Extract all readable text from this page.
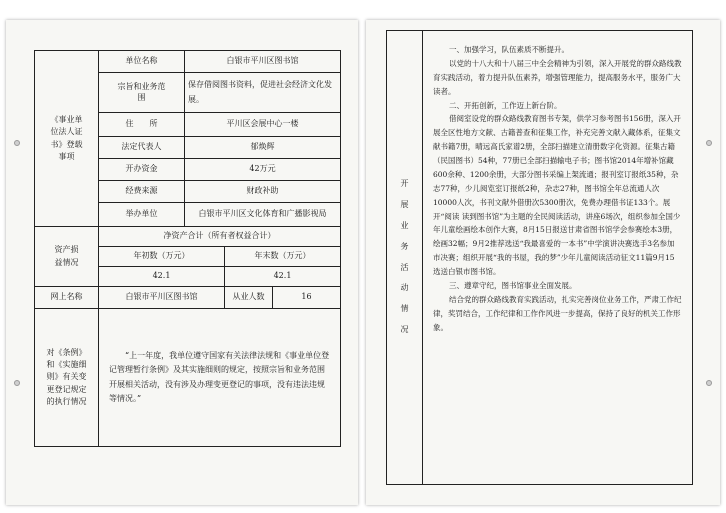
《事业单位法人证书》登载事项	单位名称	白银市平川区图书馆		
	宗旨和业务范围	保存借阅图书资料，促进社会经济文化发展。		
	住　　所	平川区会展中心一楼		
	法定代表人	郁焕辉		
	开办资金	42万元		
	经费来源	财政补助		
	举办单位	白银市平川区文化体育和广播影视局		
资产损益情况	净资产合计（所有者权益合计）			
	年初数（万元）		年末数（万元）	
	42.1		42.1	
网上名称	白银市平川区图书馆		从业人数	16
对《条例》和《实施细则》有关变更登记规定的执行情况	“上一年度，我单位遵守国家有关法律法规和《事业单位登记管理暂行条例》及其实施细则的规定，按照宗旨和业务范围开展相关活动，没有涉及办理变更登记的事项，没有违法违规等情况。”			
开展业务活动情况

一、加强学习，队伍素质不断提升。

以党的十八大和十八届三中全会精神为引领，深入开展党的群众路线教育实践活动，着力提升队伍素养，增强管理能力，提高服务水平，服务广大读者。

二、开拓创新，工作迈上新台阶。

借阅室设党的群众路线教育图书专架，供学习参考图书156册，深入开展全区性地方文献、古籍普查和征集工作，补充完善文献入藏体系，征集文献书籍7册，晴远高氏家谱2册，全部扫描建立清册数字化资源。征集古籍（民国图书）54种，77册已全部扫描输电子书；图书馆2014年增补馆藏600余种、1200余册，大部分图书采编上架流通；报刊室订报纸35种，杂志77种，少儿阅览室订报纸2种，杂志27种，图书馆全年总流通人次10000人次，书刊文献外借册次5300册次，免费办理借书证133个。展开“阅读 读到图书馆”为主题的全民阅读活动，讲座6场次，组织参加全国少年儿童绘画绘本创作大赛，8月15日报送甘肃省图书馆学会参赛绘本3册，绘画32幅；9月2推荐选送“我最喜爱的一本书”中学演讲决赛选手3名参加市决赛；组织开展“我的书屋，我的梦”少年儿童阅读活动征文11篇9月15选送白银市图书馆。

三、遵章守纪，图书馆事业全面发展。

结合党的群众路线教育实践活动，扎实完善岗位业务工作，严肃工作纪律，奖罚结合，工作纪律和工作作风进一步提高，保持了良好的机关工作形象。
